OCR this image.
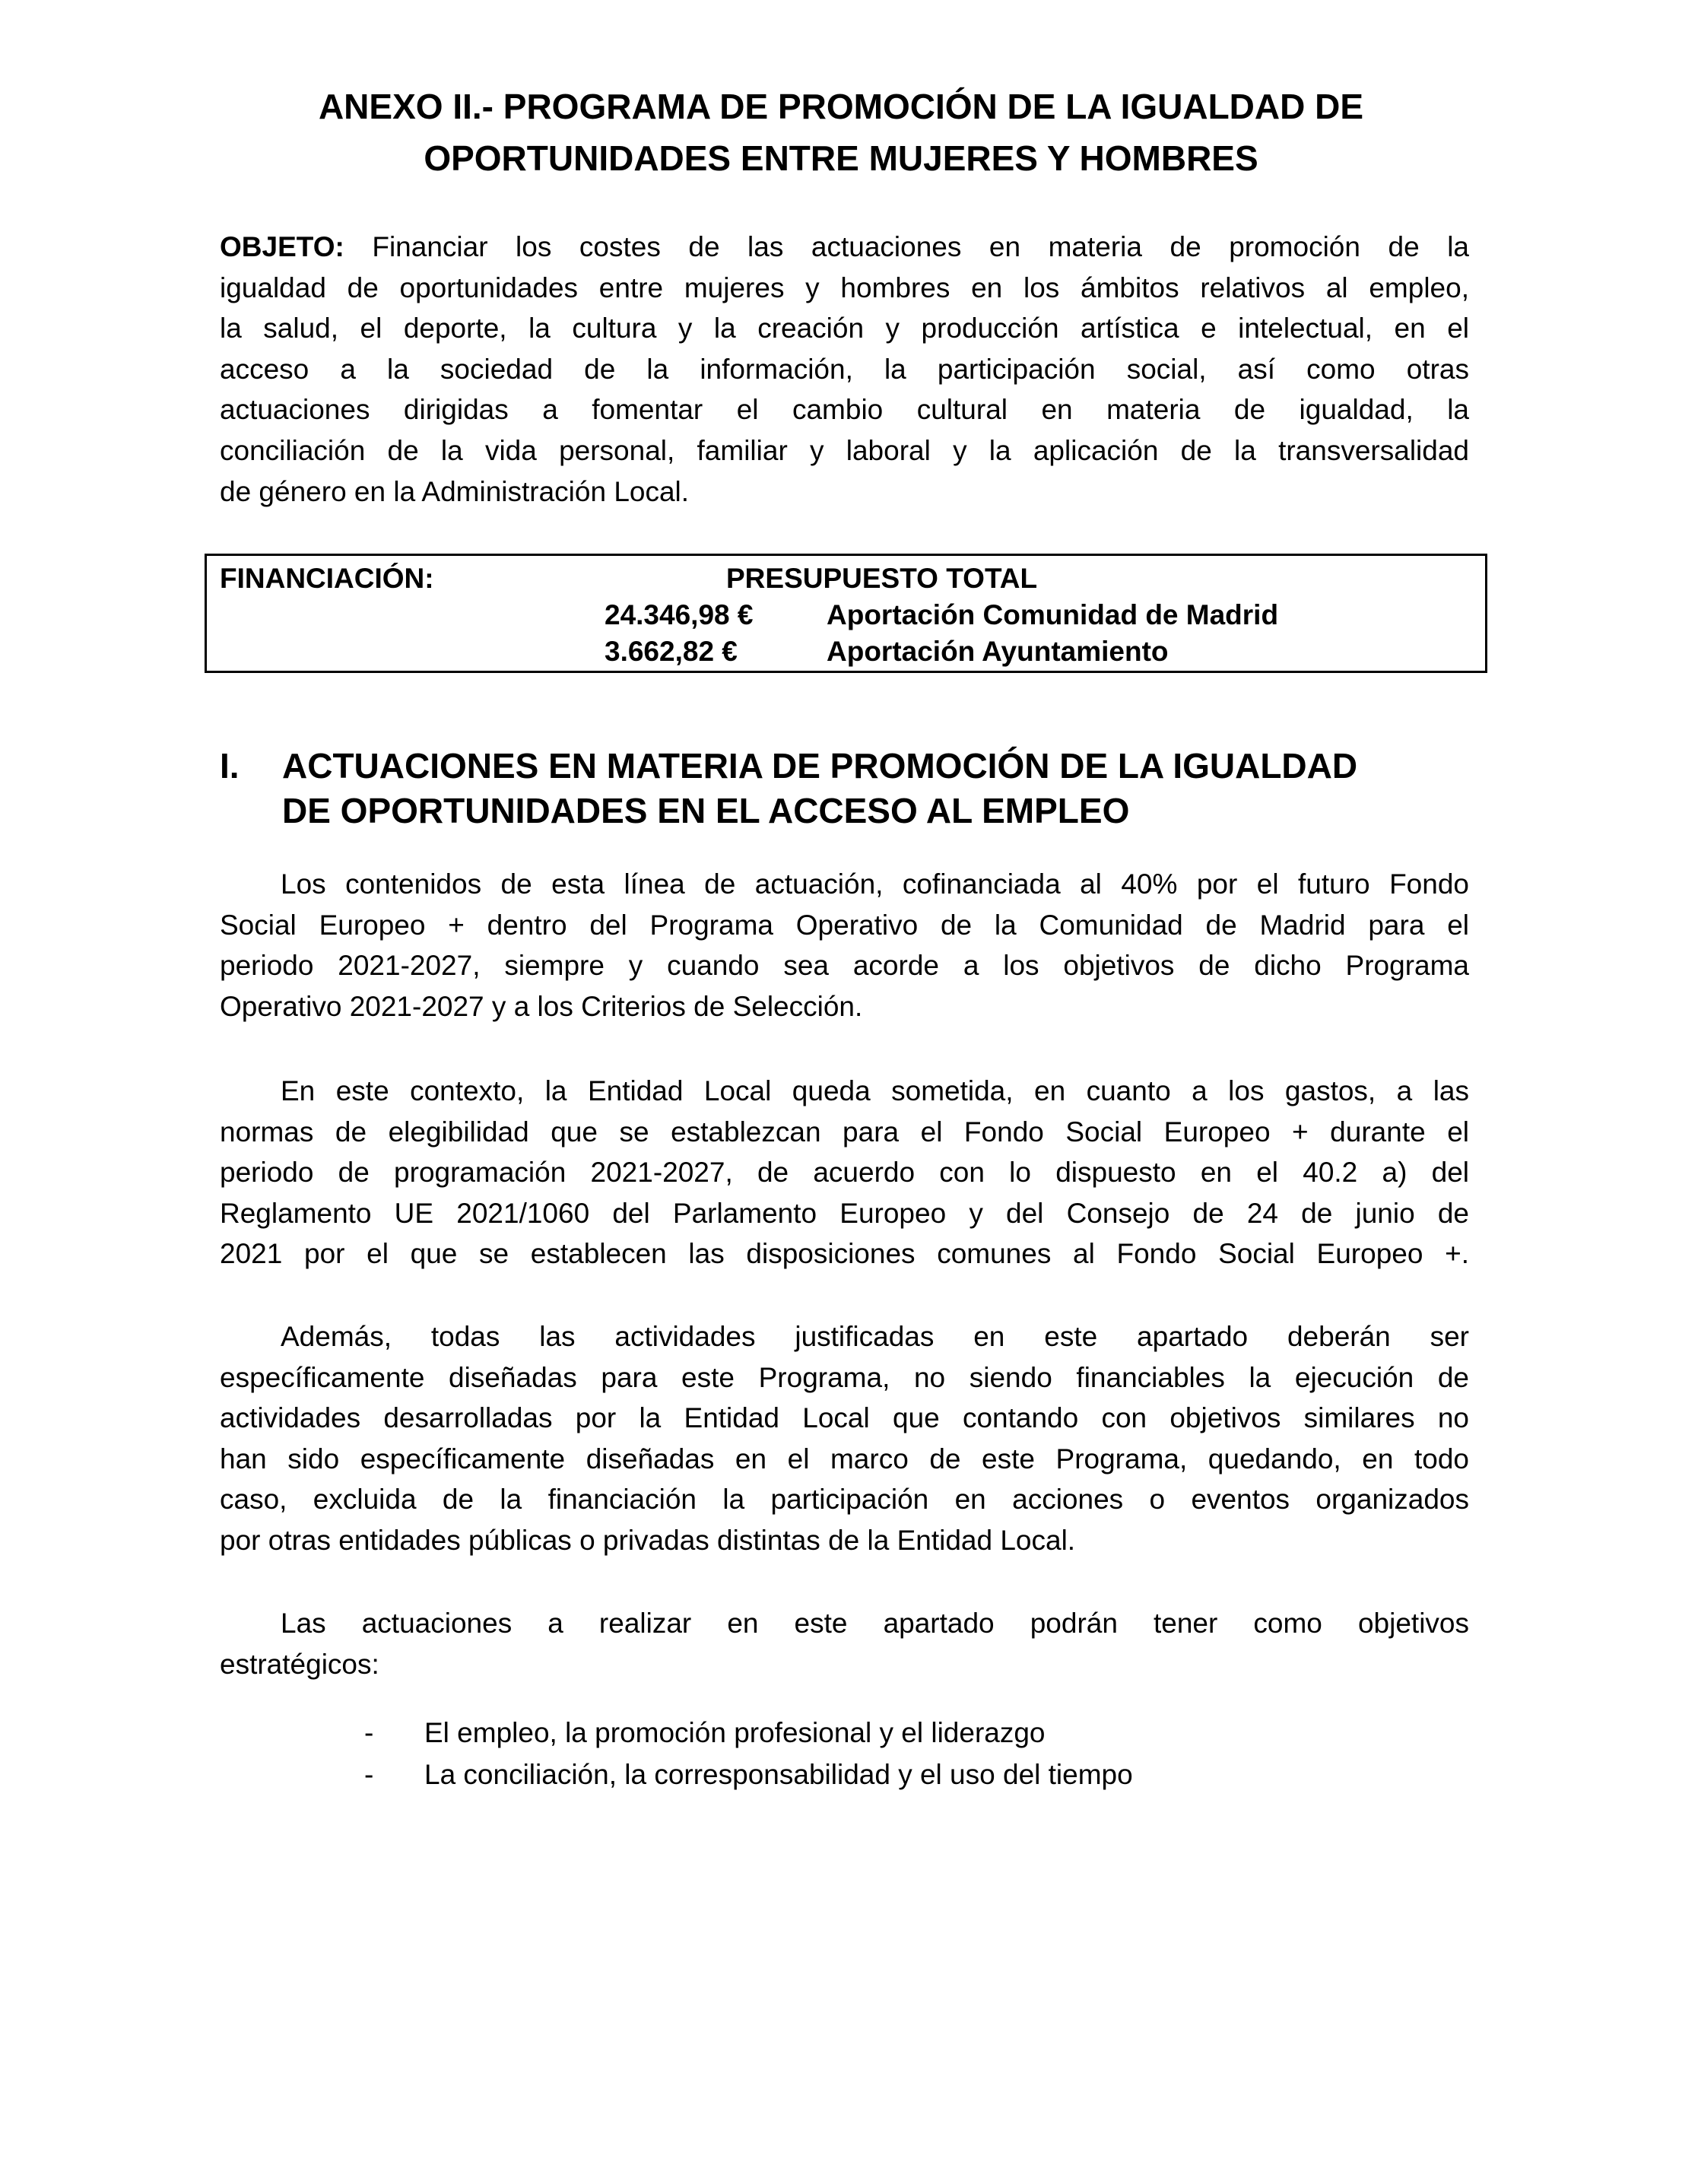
ANEXO II.- PROGRAMA DE PROMOCIÓN DE LA IGUALDAD DE
OPORTUNIDADES ENTRE MUJERES Y HOMBRES
OBJETO: Financiar los costes de las actuaciones en materia de promoción de la
igualdad de oportunidades entre mujeres y hombres en los ámbitos relativos al empleo,
la salud, el deporte, la cultura y la creación y producción artística e intelectual, en el
acceso a la sociedad de la información, la participación social, así como otras
actuaciones dirigidas a fomentar el cambio cultural en materia de igualdad, la
conciliación de la vida personal, familiar y laboral y la aplicación de la transversalidad
de género en la Administración Local.
FINANCIACIÓN:	PRESUPUESTO TOTAL
24.346,98 €	Aportación Comunidad de Madrid
3.662,82 €	Aportación Ayuntamiento
I. ACTUACIONES EN MATERIA DE PROMOCIÓN DE LA IGUALDAD
DE OPORTUNIDADES EN EL ACCESO AL EMPLEO
Los contenidos de esta línea de actuación, cofinanciada al 40% por el futuro Fondo
Social Europeo + dentro del Programa Operativo de la Comunidad de Madrid para el
periodo 2021-2027, siempre y cuando sea acorde a los objetivos de dicho Programa
Operativo 2021-2027 y a los Criterios de Selección.
En este contexto, la Entidad Local queda sometida, en cuanto a los gastos, a las
normas de elegibilidad que se establezcan para el Fondo Social Europeo + durante el
periodo de programación 2021-2027, de acuerdo con lo dispuesto en el 40.2 a) del
Reglamento UE 2021/1060 del Parlamento Europeo y del Consejo de 24 de junio de
2021 por el que se establecen las disposiciones comunes al Fondo Social Europeo +.
Además, todas las actividades justificadas en este apartado deberán ser
específicamente diseñadas para este Programa, no siendo financiables la ejecución de
actividades desarrolladas por la Entidad Local que contando con objetivos similares no
han sido específicamente diseñadas en el marco de este Programa, quedando, en todo
caso, excluida de la financiación la participación en acciones o eventos organizados
por otras entidades públicas o privadas distintas de la Entidad Local.
Las actuaciones a realizar en este apartado podrán tener como objetivos
estratégicos:
- El empleo, la promoción profesional y el liderazgo
- La conciliación, la corresponsabilidad y el uso del tiempo
